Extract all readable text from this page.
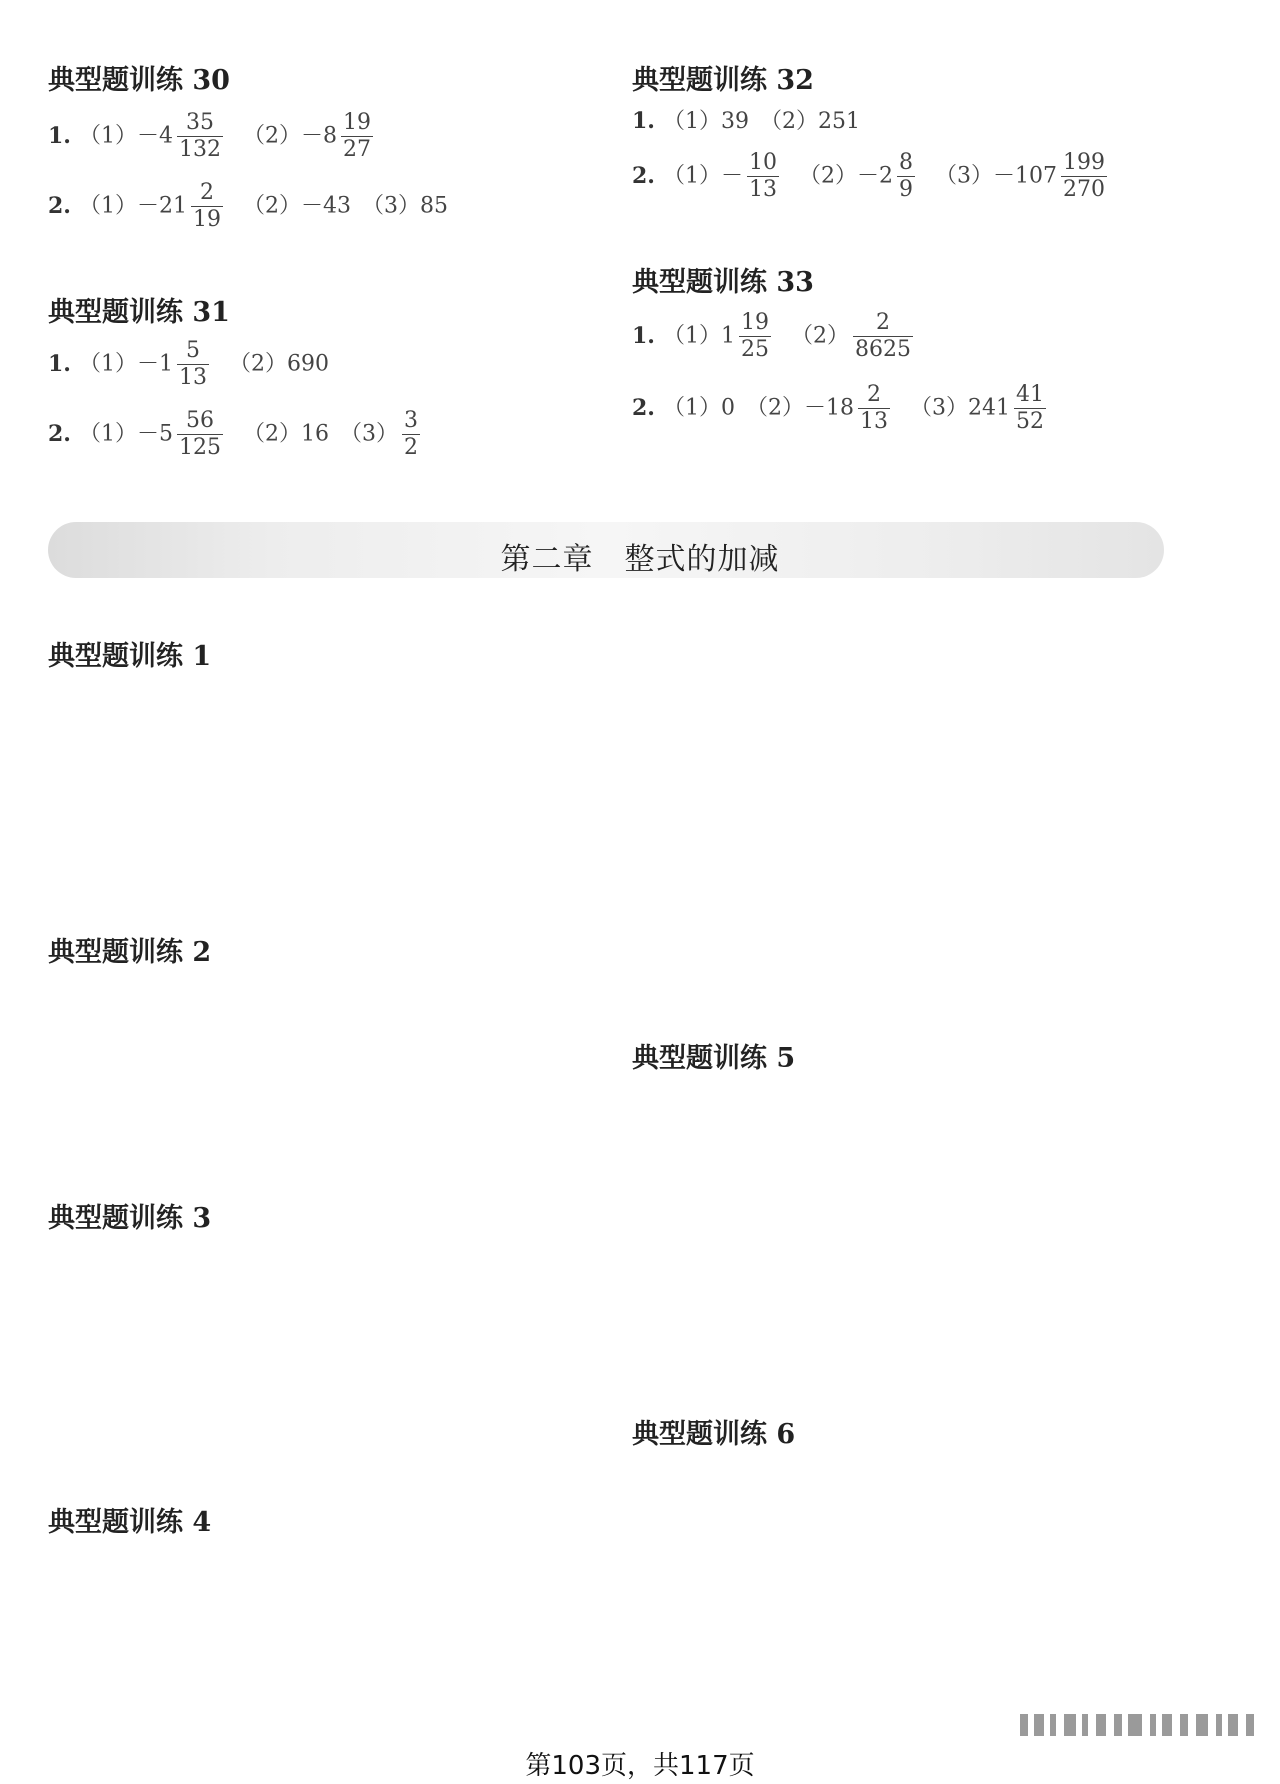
典型题训练 30
1. $(1)-4 \frac{35}{132} (2)-8 \frac{19}{27}$
2. $(1)-21 \frac{2}{19} (2)-43$　（3）85
典型题训练 31
1. $(1)-1 \frac{5}{13} (2)690$
2. $(1)-5 \frac{56}{125} (2)16$　$(3) \frac{3}{2}$
典型题训练 1
典型题训练 2
典型题训练 3
典型题训练 4
典型题训练 32
1. （1）39　（2）251
2. $(1)- \frac{10}{13} (2)-2 \frac{8}{9} (3)-107 \frac{199}{270}$
典型题训练 33
1. $(1)1 \frac{19}{25} (2) \frac{2}{8625}$
2. （1）0　$(2)-18 \frac{2}{13} (3)241 \frac{41}{52}$
典型题训练 5
典型题训练 6
第二章　整式的加减
第103页，共117页
